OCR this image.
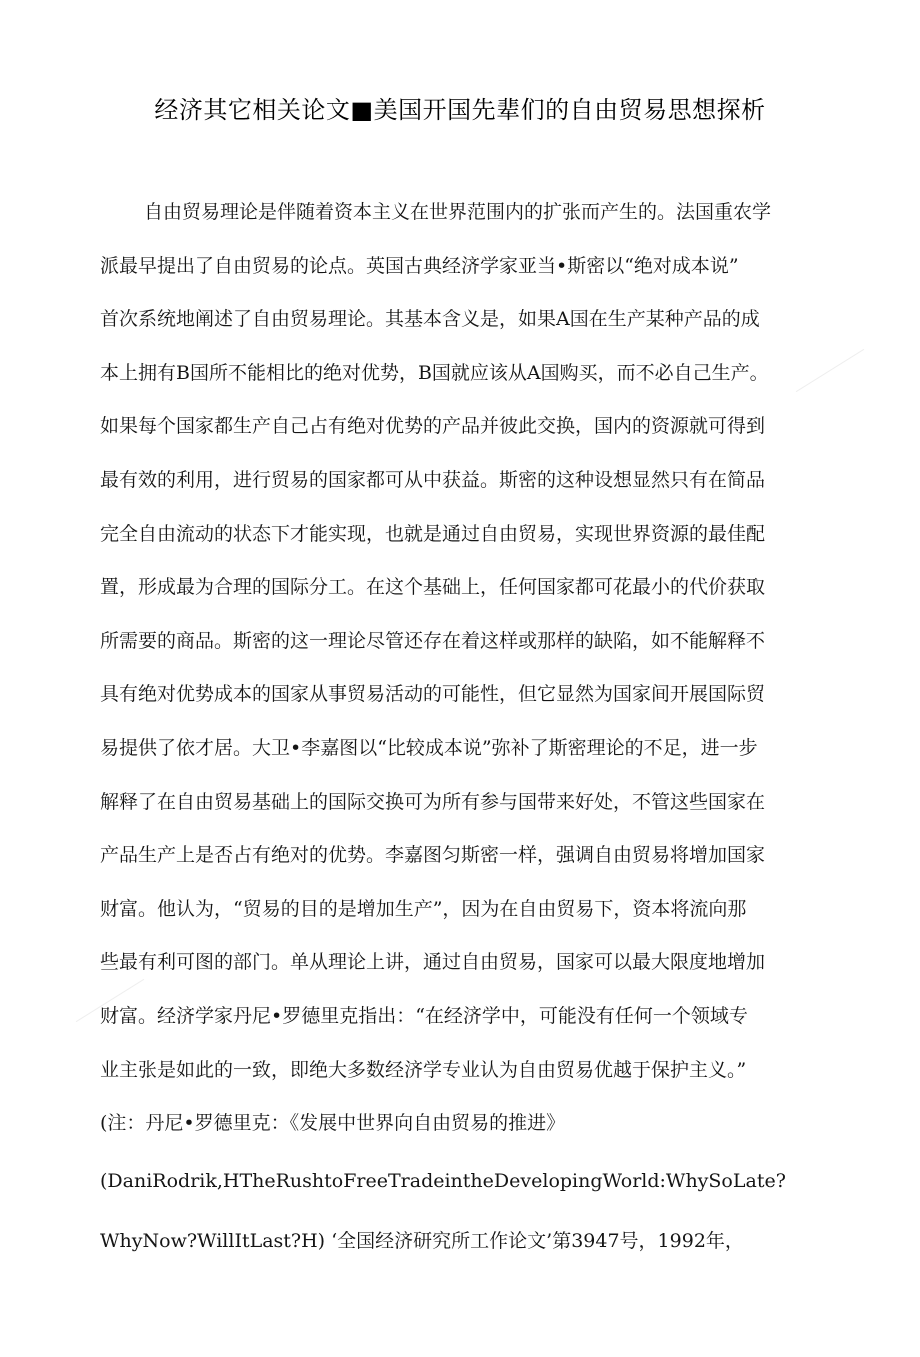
经济其它相关论文■美国开国先辈们的自由贸易思想探析
自由贸易理论是伴随着资本主义在世界范围内的扩张而产生的。法国重农学
派最早提出了自由贸易的论点。英国古典经济学家亚当•斯密以“绝对成本说”
首次系统地阐述了自由贸易理论。其基本含义是，如果A国在生产某种产品的成
本上拥有B国所不能相比的绝对优势，B国就应该从A国购买，而不必自己生产。
如果每个国家都生产自己占有绝对优势的产品并彼此交换，国内的资源就可得到
最有效的利用，进行贸易的国家都可从中获益。斯密的这种设想显然只有在简品
完全自由流动的状态下才能实现，也就是通过自由贸易，实现世界资源的最佳配
置，形成最为合理的国际分工。在这个基础上，任何国家都可花最小的代价获取
所需要的商品。斯密的这一理论尽管还存在着这样或那样的缺陷，如不能解释不
具有绝对优势成本的国家从事贸易活动的可能性，但它显然为国家间开展国际贸
易提供了依才居。大卫•李嘉图以“比较成本说”弥补了斯密理论的不足，进一步
解释了在自由贸易基础上的国际交换可为所有参与国带来好处，不管这些国家在
产品生产上是否占有绝对的优势。李嘉图匀斯密一样，强调自由贸易将增加国家
财富。他认为，“贸易的目的是增加生产”，因为在自由贸易下，资本将流向那
些最有利可图的部门。单从理论上讲，通过自由贸易，国家可以最大限度地增加
财富。经济学家丹尼•罗德里克指出：“在经济学中，可能没有任何一个领域专
业主张是如此的一致，即绝大多数经济学专业认为自由贸易优越于保护主义。”
(注：丹尼•罗德里克：《发展中世界向自由贸易的推进》
(DaniRodrik,HTheRushtoFreeTradeintheDevelopingWorld:WhySoLate?
WhyNow?WillItLast?H) ‘全国经济研究所工作论文’第3947号，1992年，
